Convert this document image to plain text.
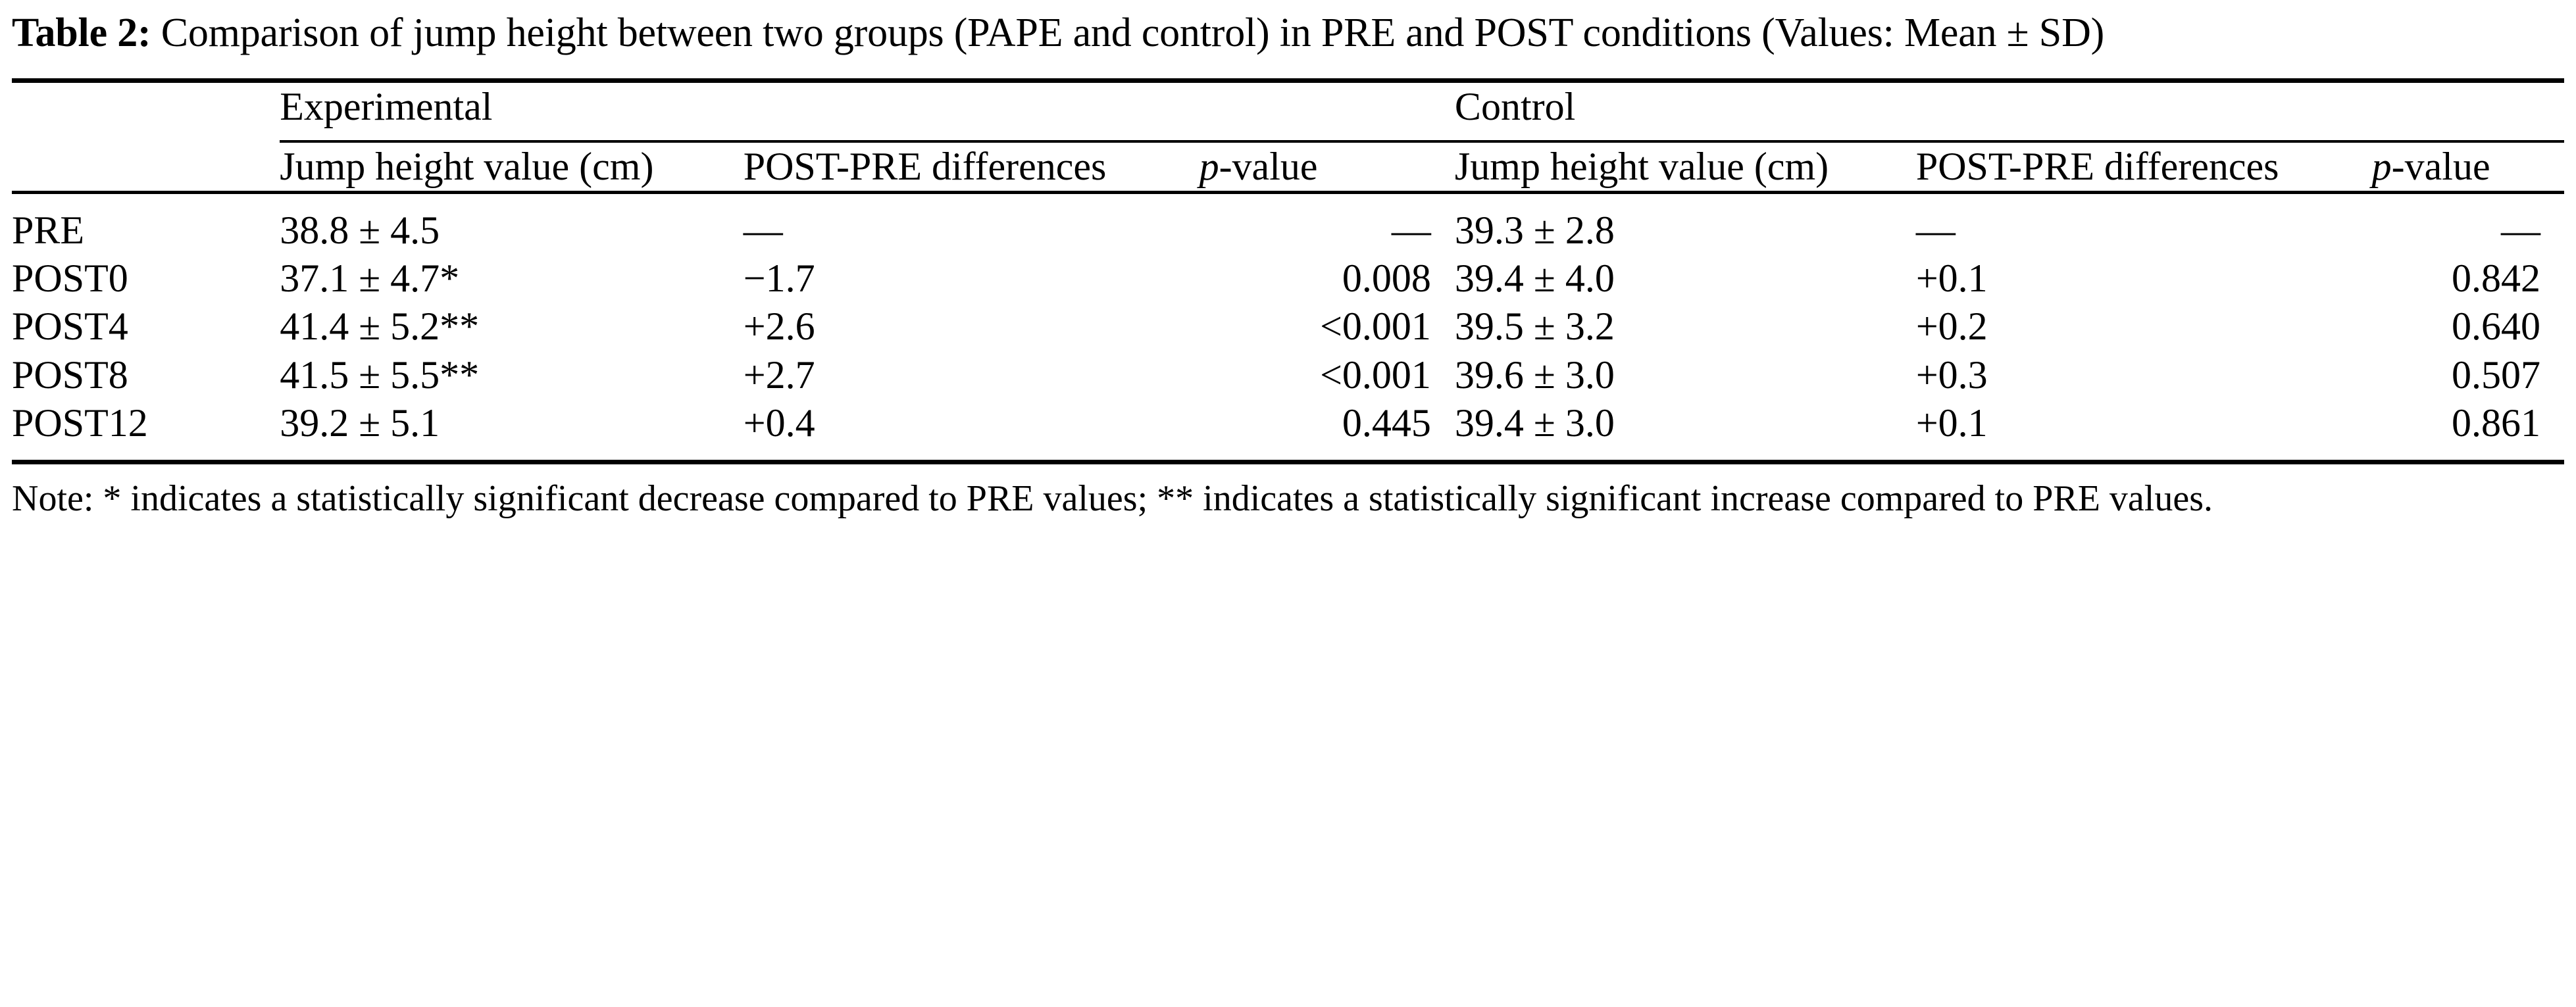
Table 2: Comparison of jump height between two groups (PAPE and control) in PRE and POST conditions (Values: Mean ± SD)

	Experimental			Control		

	Jump height value (cm)	POST-PRE differences	p-value	Jump height value (cm)	POST-PRE differences	p-value
PRE	38.8 ± 4.5	—	—	39.3 ± 2.8	—	—
POST0	37.1 ± 4.7*	−1.7	0.008	39.4 ± 4.0	+0.1	0.842
POST4	41.4 ± 5.2**	+2.6	<0.001	39.5 ± 3.2	+0.2	0.640
POST8	41.5 ± 5.5**	+2.7	<0.001	39.6 ± 3.0	+0.3	0.507
POST12	39.2 ± 5.1	+0.4	0.445	39.4 ± 3.0	+0.1	0.861

Note: * indicates a statistically significant decrease compared to PRE values; ** indicates a statistically significant increase compared to PRE values.
